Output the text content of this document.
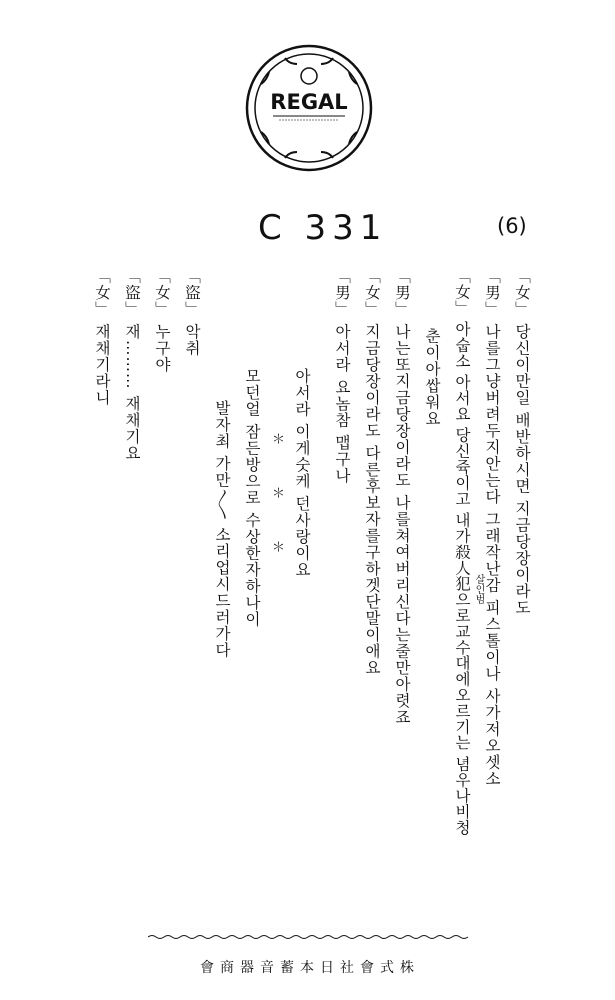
REGAL
C 331	(6)
「女」 당신이만일 배반하시면 지금당장이라도
「男」 나를그냥버려두지안는다 그래작난감 피스톨이나 사가저오셋소
「女」 아숩소 아서요 당신쥭이고 내가殺人犯으로교수대에오르기는 념우나비청 살인범
춘이아쌉워요
「男」 나는또지금당장이라도 나를쳐여버리신다는줄만아렷죠
「女」 지금당장이라도 다른후보자를구하겟단말이애요
「男」 아서라 요놈참 맵구나
아서라 이게숫케 던사랑이요
＊　＊　＊
모던얼 잠든방으로 수상한자하나이
발자최 가만〱 소리업시드러가다
「盜」 악취
「女」 누구야
「盜」 재……… 재채기요
「女」 재채기라니
會商器音蓄本日社會式株
